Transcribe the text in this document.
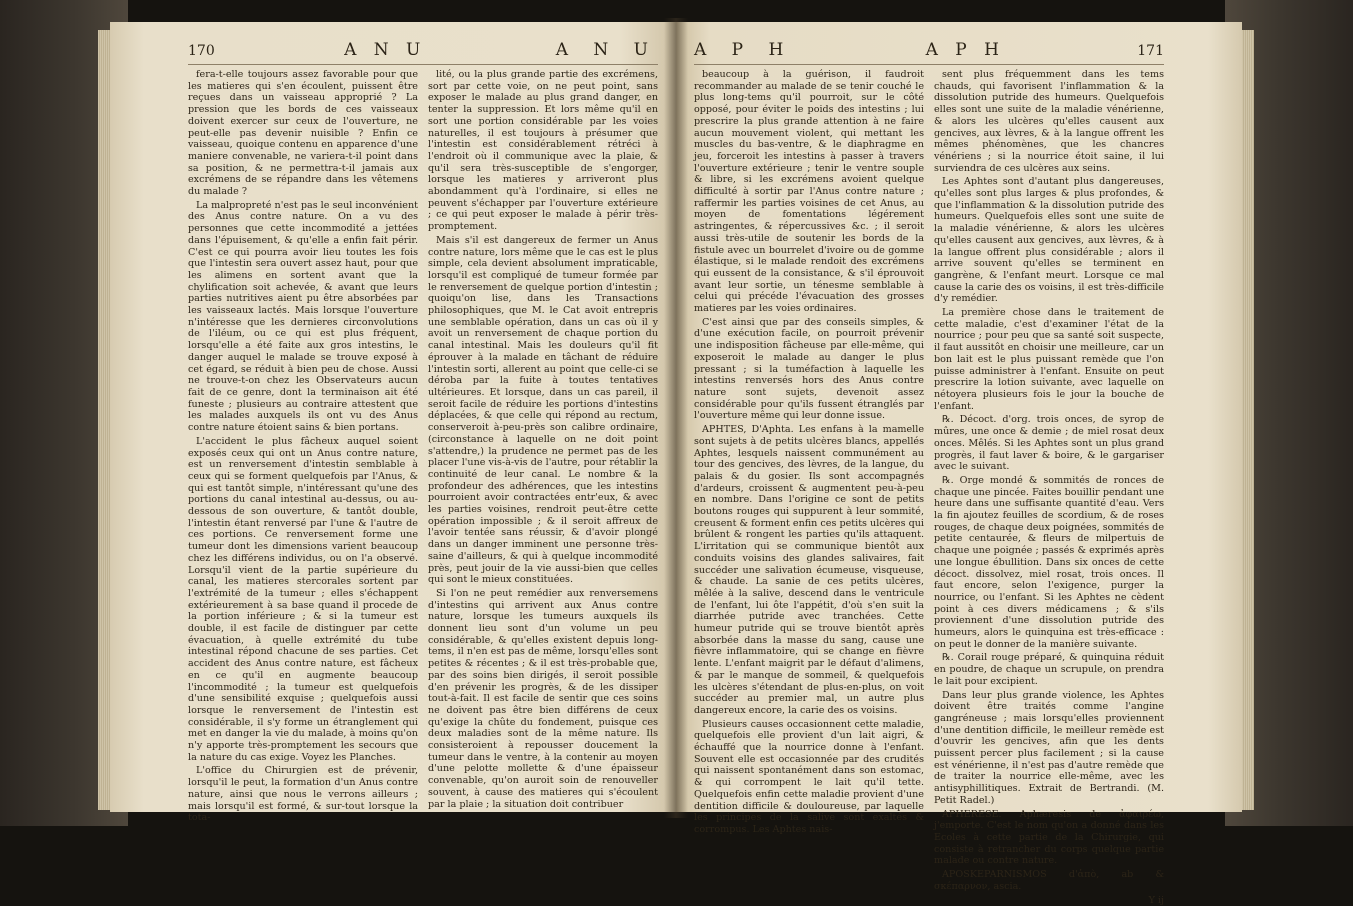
170	A N U	A N U

fera-t-elle toujours assez favorable pour que les matieres qui s'en écoulent, puissent être reçues dans un vaisseau approprié ? La pression que les bords de ces vaisseaux doivent exercer sur ceux de l'ouverture, ne peut-elle pas devenir nuisible ? Enfin ce vaisseau, quoique contenu en apparence d'une maniere convenable, ne variera-t-il point dans sa position, & ne permettra-t-il jamais aux excrémens de se répandre dans les vêtemens du malade ?

La malpropreté n'est pas le seul inconvénient des Anus contre nature. On a vu des personnes que cette incommodité a jettées dans l'épuisement, & qu'elle a enfin fait périr. C'est ce qui pourra avoir lieu toutes les fois que l'intestin sera ouvert assez haut, pour que les alimens en sortent avant que la chylification soit achevée, & avant que leurs parties nutritives aient pu être absorbées par les vaisseaux lactés. Mais lorsque l'ouverture n'intéresse que les dernieres circonvolutions de l'iléum, ou ce qui est plus fréquent, lorsqu'elle a été faite aux gros intestins, le danger auquel le malade se trouve exposé à cet égard, se réduit à bien peu de chose. Aussi ne trouve-t-on chez les Observateurs aucun fait de ce genre, dont la terminaison ait été funeste ; plusieurs au contraire attestent que les malades auxquels ils ont vu des Anus contre nature étoient sains & bien portans.

L'accident le plus fâcheux auquel soient exposés ceux qui ont un Anus contre nature, est un renversement d'intestin semblable à ceux qui se forment quelquefois par l'Anus, & qui est tantôt simple, n'intéressant qu'une des portions du canal intestinal au-dessus, ou au-dessous de son ouverture, & tantôt double, l'intestin étant renversé par l'une & l'autre de ces portions. Ce renversement forme une tumeur dont les dimensions varient beaucoup chez les différens individus, ou on l'a observé. Lorsqu'il vient de la partie supérieure du canal, les matieres stercorales sortent par l'extrémité de la tumeur ; elles s'échappent extérieurement à sa base quand il procede de la portion inférieure ; & si la tumeur est double, il est facile de distinguer par cette évacuation, à quelle extrémité du tube intestinal répond chacune de ses parties. Cet accident des Anus contre nature, est fâcheux en ce qu'il en augmente beaucoup l'incommodité ; la tumeur est quelquefois d'une sensibilité exquise ; quelquefois aussi lorsque le renversement de l'intestin est considérable, il s'y forme un étranglement qui met en danger la vie du malade, à moins qu'on n'y apporte très-promptement les secours que la nature du cas exige. Voyez les Planches.

L'office du Chirurgien est de prévenir, lorsqu'il le peut, la formation d'un Anus contre nature, ainsi que nous le verrons ailleurs ; mais lorsqu'il est formé, & sur-tout lorsque la tota-

lité, ou la plus grande partie des excrémens, sort par cette voie, on ne peut point, sans exposer le malade au plus grand danger, en tenter la suppression. Et lors même qu'il en sort une portion considérable par les voies naturelles, il est toujours à présumer que l'intestin est considérablement rétréci à l'endroit où il communique avec la plaie, & qu'il sera très-susceptible de s'engorger, lorsque les matieres y arriveront plus abondamment qu'à l'ordinaire, si elles ne peuvent s'échapper par l'ouverture extérieure ; ce qui peut exposer le malade à périr très-promptement.

Mais s'il est dangereux de fermer un Anus contre nature, lors même que le cas est le plus simple, cela devient absolument impraticable, lorsqu'il est compliqué de tumeur formée par le renversement de quelque portion d'intestin ; quoiqu'on lise, dans les Transactions philosophiques, que M. le Cat avoit entrepris une semblable opération, dans un cas où il y avoit un renversement de chaque portion du canal intestinal. Mais les douleurs qu'il fit éprouver à la malade en tâchant de réduire l'intestin sorti, allerent au point que celle-ci se déroba par la fuite à toutes tentatives ultérieures. Et lorsque, dans un cas pareil, il seroit facile de réduire les portions d'intestins déplacées, & que celle qui répond au rectum, conserveroit à-peu-près son calibre ordinaire, (circonstance à laquelle on ne doit point s'attendre,) la prudence ne permet pas de les placer l'une vis-à-vis de l'autre, pour rétablir la continuité de leur canal. Le nombre & la profondeur des adhérences, que les intestins pourroient avoir contractées entr'eux, & avec les parties voisines, rendroit peut-être cette opération impossible ; & il seroit affreux de l'avoir tentée sans réussir, & d'avoir plongé dans un danger imminent une personne très-saine d'ailleurs, & qui à quelque incommodité près, peut jouir de la vie aussi-bien que celles qui sont le mieux constituées.

Si l'on ne peut remédier aux renversemens d'intestins qui arrivent aux Anus contre nature, lorsque les tumeurs auxquels ils donnent lieu sont d'un volume un peu considérable, & qu'elles existent depuis long-tems, il n'en est pas de même, lorsqu'elles sont petites & récentes ; & il est très-probable que, par des soins bien dirigés, il seroit possible d'en prévenir les progrès, & de les dissiper tout-à-fait. Il est facile de sentir que ces soins ne doivent pas être bien différens de ceux qu'exige la chûte du fondement, puisque ces deux maladies sont de la même nature. Ils consisteroient à repousser doucement la tumeur dans le ventre, à la contenir au moyen d'une pelotte mollette & d'une épaisseur convenable, qu'on auroit soin de renouveller souvent, à cause des matieres qui s'écoulent par la plaie ; la situation doit contribuer

A P H	A P H	171

beaucoup à la guérison, il faudroit recommander au malade de se tenir couché le plus long-tems qu'il pourroit, sur le côté opposé, pour éviter le poids des intestins ; lui prescrire la plus grande attention à ne faire aucun mouvement violent, qui mettant les muscles du bas-ventre, & le diaphragme en jeu, forceroit les intestins à passer à travers l'ouverture extérieure ; tenir le ventre souple & libre, si les excrémens avoient quelque difficulté à sortir par l'Anus contre nature ; raffermir les parties voisines de cet Anus, au moyen de fomentations légérement astringentes, & répercussives &c. ; il seroit aussi très-utile de soutenir les bords de la fistule avec un bourrelet d'ivoire ou de gomme élastique, si le malade rendoit des excrémens qui eussent de la consistance, & s'il éprouvoit avant leur sortie, un ténesme semblable à celui qui précéde l'évacuation des grosses matieres par les voies ordinaires.

C'est ainsi que par des conseils simples, & d'une exécution facile, on pourroit prévenir une indisposition fâcheuse par elle-même, qui exposeroit le malade au danger le plus pressant ; si la tuméfaction à laquelle les intestins renversés hors des Anus contre nature sont sujets, devenoit assez considérable pour qu'ils fussent étranglés par l'ouverture même qui leur donne issue.

APHTES, D'Aphta. Les enfans à la mamelle sont sujets à de petits ulcères blancs, appellés Aphtes, lesquels naissent communément au tour des gencives, des lèvres, de la langue, du palais & du gosier. Ils sont accompagnés d'ardeurs, croissent & augmentent peu-à-peu en nombre. Dans l'origine ce sont de petits boutons rouges qui suppurent à leur sommité, creusent & forment enfin ces petits ulcères qui brûlent & rongent les parties qu'ils attaquent. L'irritation qui se communique bientôt aux conduits voisins des glandes salivaires, fait succéder une salivation écumeuse, visqueuse, & chaude. La sanie de ces petits ulcères, mêlée à la salive, descend dans le ventricule de l'enfant, lui ôte l'appétit, d'où s'en suit la diarrhée putride avec tranchées. Cette humeur putride qui se trouve bientôt après absorbée dans la masse du sang, cause une fièvre inflammatoire, qui se change en fièvre lente. L'enfant maigrit par le défaut d'alimens, & par le manque de sommeil, & quelquefois les ulcères s'étendant de plus-en-plus, on voit succéder au premier mal, un autre plus dangereux encore, la carie des os voisins.

Plusieurs causes occasionnent cette maladie, quelquefois elle provient d'un lait aigri, & échauffé que la nourrice donne à l'enfant. Souvent elle est occasionnée par des crudités qui naissent spontanément dans son estomac, & qui corrompent le lait qu'il tette. Quelquefois enfin cette maladie provient d'une dentition difficile & douloureuse, par laquelle les principes de la salive sont exaltés & corrompus. Les Aphtes nais-

sent plus fréquemment dans les tems chauds, qui favorisent l'inflammation & la dissolution putride des humeurs. Quelquefois elles sont une suite de la maladie vénérienne, & alors les ulcères qu'elles causent aux gencives, aux lèvres, & à la langue offrent les mêmes phénomènes, que les chancres vénériens ; si la nourrice étoit saine, il lui surviendra de ces ulcères aux seins.

Les Aphtes sont d'autant plus dangereuses, qu'elles sont plus larges & plus profondes, & que l'inflammation & la dissolution putride des humeurs. Quelquefois elles sont une suite de la maladie vénérienne, & alors les ulcères qu'elles causent aux gencives, aux lèvres, & à la langue offrent plus considérable ; alors il arrive souvent qu'elles se terminent en gangrène, & l'enfant meurt. Lorsque ce mal cause la carie des os voisins, il est très-difficile d'y remédier.

La première chose dans le traitement de cette maladie, c'est d'examiner l'état de la nourrice ; pour peu que sa santé soit suspecte, il faut aussitôt en choisir une meilleure, car un bon lait est le plus puissant remède que l'on puisse administrer à l'enfant. Ensuite on peut prescrire la lotion suivante, avec laquelle on nétoyera plusieurs fois le jour la bouche de l'enfant.

℞. Décoct. d'org. trois onces, de syrop de mûres, une once & demie ; de miel rosat deux onces. Mêlés. Si les Aphtes sont un plus grand progrès, il faut laver & boire, & le gargariser avec le suivant.

℞. Orge mondé & sommités de ronces de chaque une pincée. Faites bouillir pendant une heure dans une suffisante quantité d'eau. Vers la fin ajoutez feuilles de scordium, & de roses rouges, de chaque deux poignées, sommités de petite centaurée, & fleurs de milpertuis de chaque une poignée ; passés & exprimés après une longue ébullition. Dans six onces de cette décoct. dissolvez, miel rosat, trois onces. Il faut encore, selon l'exigence, purger la nourrice, ou l'enfant. Si les Aphtes ne cèdent point à ces divers médicamens ; & s'ils proviennent d'une dissolution putride des humeurs, alors le quinquina est très-efficace : on peut le donner de la manière suivante.

℞. Corail rouge préparé, & quinquina réduit en poudre, de chaque un scrupule, on prendra le lait pour excipient.

Dans leur plus grande violence, les Aphtes doivent être traités comme l'angine gangréneuse ; mais lorsqu'elles proviennent d'une dentition difficile, le meilleur remède est d'ouvrir les gencives, afin que les dents puissent percer plus facilement ; si la cause est vénérienne, il n'est pas d'autre remède que de traiter la nourrice elle-même, avec les antisyphillitiques. Extrait de Bertrandi. (M. Petit Radel.)

APHERESE. Aphæresis de ἀφαιρέω, j'emporte. C'est le nom qu'on a donné dans les Ecoles à cette partie de la Chirurgie, qui consiste à retrancher du corps quelque partie malade ou contre nature.

APOSKEPARNISMOS d'ἀπὸ, ab & σκέπαρνον, ascia.

Y ij
